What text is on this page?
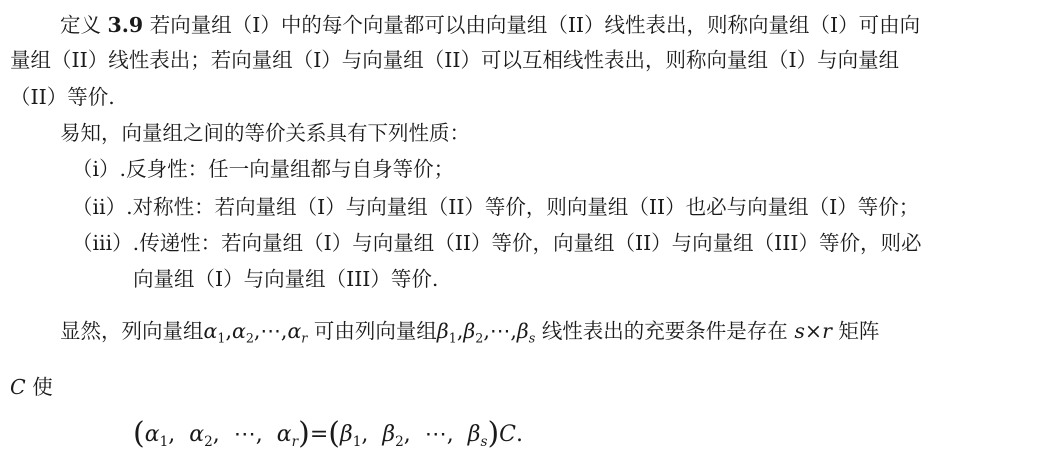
定义 3.9 若向量组（I）中的每个向量都可以由向量组（II）线性表出，则称向量组（I）可由向
量组（II）线性表出；若向量组（I）与向量组（II）可以互相线性表出，则称向量组（I）与向量组
（II）等价.
易知，向量组之间的等价关系具有下列性质：
（ⅰ）.反身性：任一向量组都与自身等价；
（ⅱ）.对称性：若向量组（I）与向量组（II）等价，则向量组（II）也必与向量组（I）等价；
（ⅲ）.传递性：若向量组（I）与向量组（II）等价，向量组（II）与向量组（III）等价，则必
向量组（I）与向量组（III）等价.
显然，列向量组$\alpha_1,\alpha_2,\cdots,\alpha_r$ 可由列向量组$\beta_1,\beta_2,\cdots,\beta_s$ 线性表出的充要条件是存在 s×r 矩阵
C 使
($\alpha_1$,  $\alpha_2$,  ⋯,  $\alpha_r)=(\beta_1$,  $\beta_2$,  ⋯,  $\beta_s)C$.
